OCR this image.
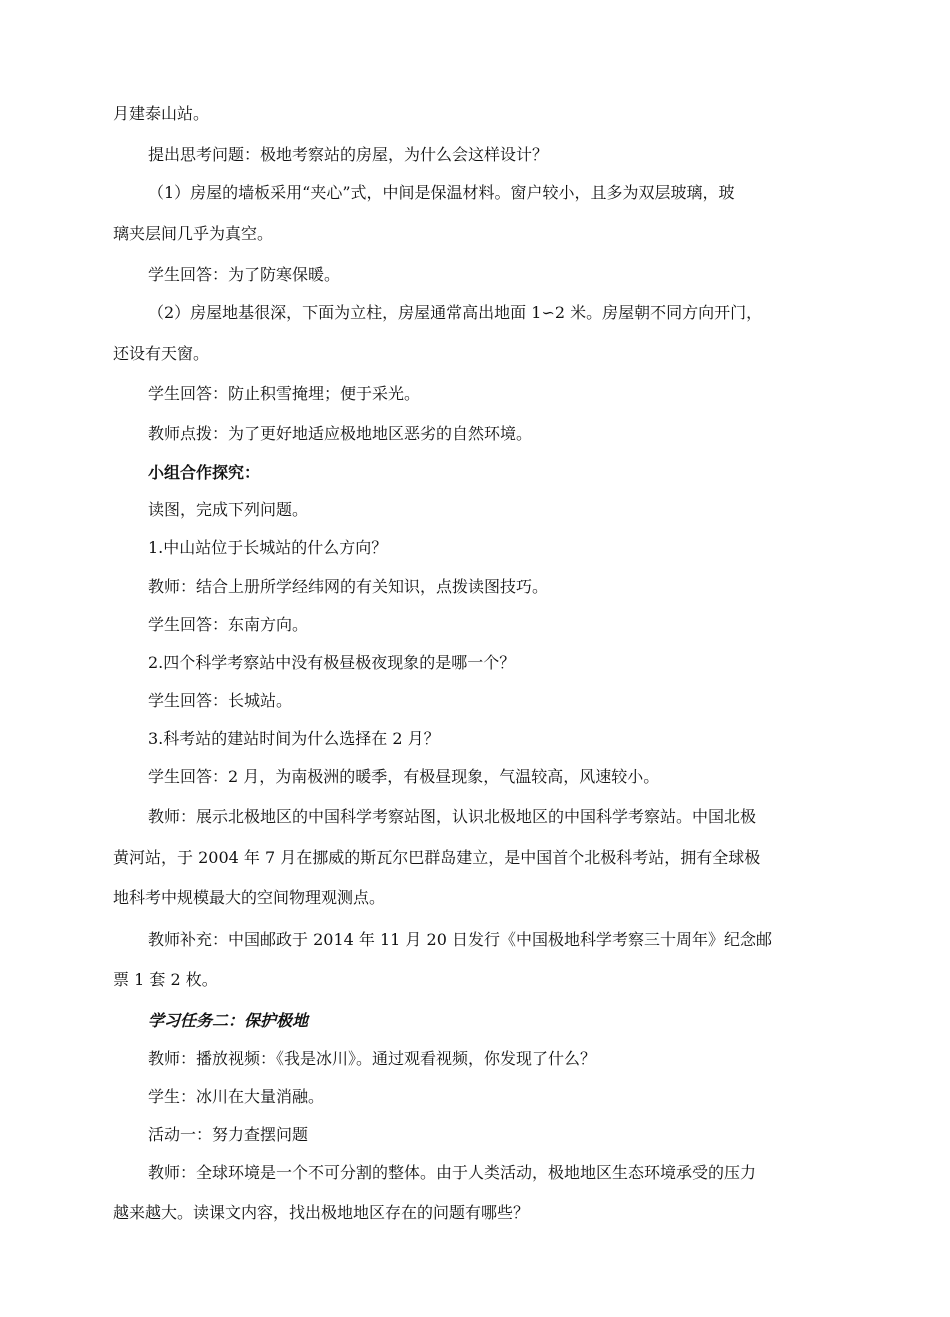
月建泰山站。
提出思考问题：极地考察站的房屋，为什么会这样设计？
（1）房屋的墙板采用“夹心”式，中间是保温材料。窗户较小，且多为双层玻璃，玻
璃夹层间几乎为真空。
学生回答：为了防寒保暖。
（2）房屋地基很深，下面为立柱，房屋通常高出地面 1∽2 米。房屋朝不同方向开门，
还设有天窗。
学生回答：防止积雪掩埋；便于采光。
教师点拨：为了更好地适应极地地区恶劣的自然环境。
小组合作探究：
读图，完成下列问题。
1.中山站位于长城站的什么方向？
教师：结合上册所学经纬网的有关知识，点拨读图技巧。
学生回答：东南方向。
2.四个科学考察站中没有极昼极夜现象的是哪一个？
学生回答：长城站。
3.科考站的建站时间为什么选择在 2 月？
学生回答：2 月，为南极洲的暖季，有极昼现象，气温较高，风速较小。
教师：展示北极地区的中国科学考察站图，认识北极地区的中国科学考察站。中国北极
黄河站，于 2004 年 7 月在挪威的斯瓦尔巴群岛建立，是中国首个北极科考站，拥有全球极
地科考中规模最大的空间物理观测点。
教师补充：中国邮政于 2014 年 11 月 20 日发行《中国极地科学考察三十周年》纪念邮
票 1 套 2 枚。
学习任务二：保护极地
教师：播放视频：《我是冰川》。通过观看视频，你发现了什么？
学生：冰川在大量消融。
活动一：努力查摆问题
教师：全球环境是一个不可分割的整体。由于人类活动，极地地区生态环境承受的压力
越来越大。读课文内容，找出极地地区存在的问题有哪些？
